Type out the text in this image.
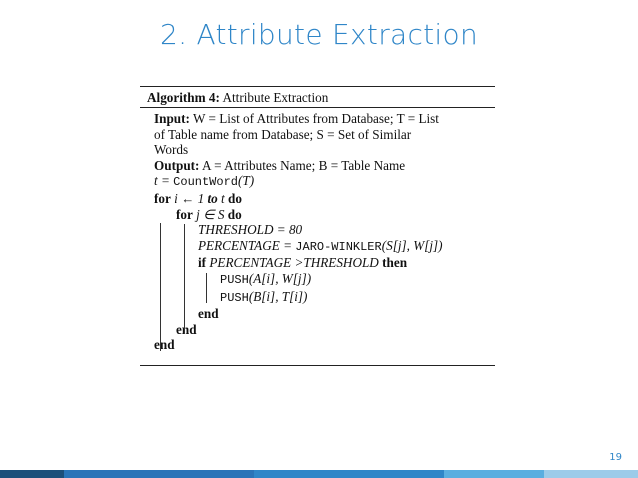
2. Attribute Extraction
Algorithm 4: Attribute Extraction
Input: W = List of Attributes from Database; T = List
of Table name from Database; S = Set of Similar
Words
Output: A = Attributes Name; B = Table Name
t = CountWord(T)
for i ← 1 to t do
for j ∈ S do
THRESHOLD = 80
PERCENTAGE = JARO-WINKLER(S[j], W[j])
if PERCENTAGE >THRESHOLD then
PUSH(A[i], W[j])
PUSH(B[i], T[i])
end
end
end
19
